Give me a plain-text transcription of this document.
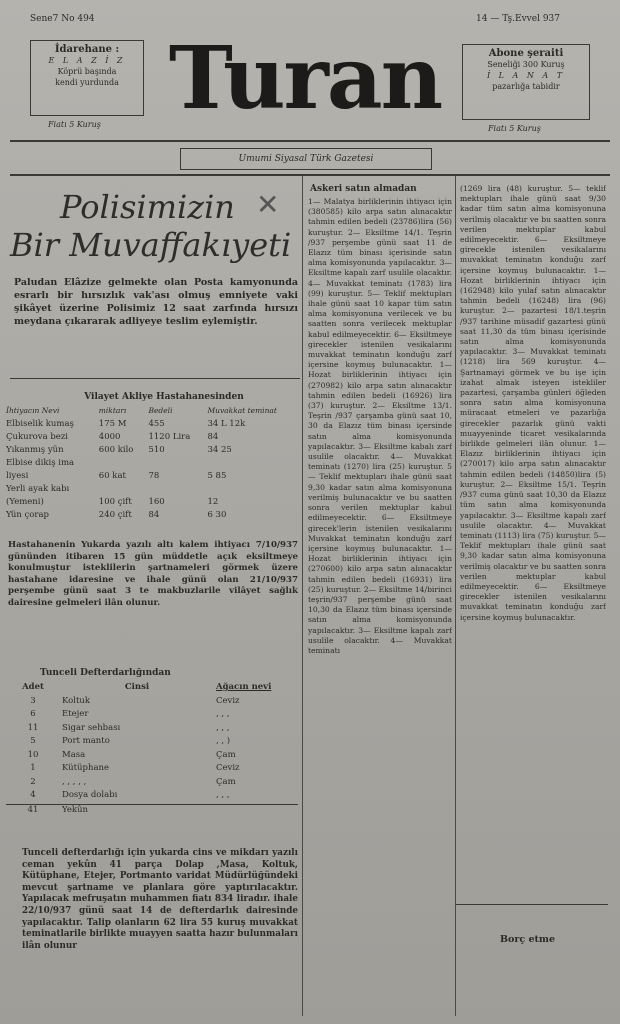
Sene7 No 494	14 — Tş.Evvel 937
İdarehane :
E L A Z İ Z
Köprü başında
kendi yurdunda
Fiatı 5 Kuruş Turan	Abone şeraiti
Seneliği 300 Kuruş
İ L A N A T
pazarlığa tabidir
Fiatı 5 Kuruş
Umumi Siyasal Türk Gazetesi
Polisimizin ✕
Bir Muvaffakıyeti
Paludan Elâzize gelmekte olan Posta kamyonunda esrarlı bir hırsızlık vak'ası olmuş emniyete vaki şikâyet üzerine Polisimiz 12 saat zarfında hırsızı meydana çıkararak adliyeye teslim eylemiştir.
Vilayet Akliye Hastahanesinden
İhtiyacın Nevi	miktarı	Bedeli	Muvakkat teminat
Elbiselik kumaş	175 M	455	34 L 12k
Çukurova bezi	4000	1120 Lira	84
Yıkanmış yün	600 kilo	510	34 25
Elbise dikiş ima			
liyesi	60 kat	78	5 85
Yerli ayak kabı			
(Yemeni)	100 çift	160	12
Yün çorap	240 çift	84	6 30
Hastahanenin Yukarda yazılı altı kalem ihtiyacı 7/10/937 gününden itibaren 15 gün müddetle açık eksiltmeye konulmuştur isteklilerin şartnameleri görmek üzere hastahane idaresine ve ihale günü olan 21/10/937 perşembe günü saat 3 te makbuzlarile vilâyet sağlık dairesine gelmeleri ilân olunur.
Tunceli Defterdarlığından
Adet	Cinsi	Ağacın nevi
3	Koltuk	Ceviz
6	Etejer	, , ,
11	Sigar sehbası	, , ,
5	Port manto	, , )
10	Masa	Çam
1	Kütüphane	Ceviz
2	, , , , ,	Çam
4	Dosya dolabı	, , ,
41	Yekûn	
Tunceli defterdarlığı için yukarda cins ve mikdarı yazılı ceman yekûn 41 parça Dolap ,Masa, Koltuk, Kütüphane, Etejer, Portmanto varidat Müdürlüğündeki mevcut şartname ve planlara göre yaptırılacaktır. Yapılacak mefruşatın muhammen fiatı 834 liradır. ihale 22/10/937 günü saat 14 de defterdarlık dairesinde yapılacaktır. Talip olanların 62 lira 55 kuruş muvakkat teminatlarile birlikte muayyen saatta hazır bulunmaları ilân olunur
Askeri satın almadan
1— Malatya birliklerinin ihtiyacı için (380585) kilo arpa satın alınacaktır tahmin edilen bedeli (23786)lira (56) kuruştur. 2— Eksiltme 14/1. Teşrin /937 perşembe günü saat 11 de Elazız tüm binası içerisinde satın alma komisyonunda yapılacaktır. 3— Eksiltme kapalı zarf usulile olacaktır. 4— Muvakkat teminatı (1783) lira (99) kuruştur. 5— Teklif mektupları ihale günü saat 10 kapar tüm satın alma komisyonuna verilecek ve bu saatten sonra verilecek mektuplar kabul edilmeyecektir. 6— Eksiltmeye girecekler istenilen vesikalarını muvakkat teminatın konduğu zarf içersine koymuş bulunacaktır. 1— Hozat birliklerinin ihtiyacı için (270982) kilo arpa satın alınacaktır tahmin edilen bedeli (16926) lira (37) kuruştur. 2— Eksiltme 13/1. Teşrin /937 çarşamba günü saat 10, 30 da Elazız tüm binası içersinde satın alma komisyonunda yapılacaktır. 3— Eksiltme kabalı zarf usulile olacaktır. 4— Muvakkat teminatı (1270) lira (25) kuruştur. 5— Teklif mektupları ihale günü saat 9,30 kadar satın alma komisyonuna verilmiş bulunacaktır ve bu saatten sonra verilen mektuplar kabul edilmeyecektir. 6— Eksiltmeye girecek'lerin istenilen vesikalarını Muvakkat teminatın konduğu zarf içersine koymuş bulunacaktır. 1— Hozat birliklerinin ihtiyacı için (270600) kilo arpa satın alınacaktır tahmin edilen bedeli (16931) lira (25) kuruştur. 2— Eksiltme 14/birinci teşrin/937 perşembe günü saat 10,30 da Elazız tüm binası içersinde satın alma komisyonunda yapılacaktır. 3— Eksiltme kapalı zarf usulile olacaktır. 4— Muvakkat teminatı
(1269 lira (48) kuruştur. 5— teklif mektupları ihale günü saat 9/30 kadar tüm satın alma komisyonuna verilmiş olacaktır ve bu saatten sonra verilen mektuplar kabul edilmeyecektir. 6— Eksiltmeye girecekle istenilen vesikalarını muvakkat teminatın konduğu zarf içersine koymuş bulunacaktır. 1— Hozat birliklerinin ihtiyacı için (162948) kilo yulaf satın alınacaktır tahmin bedeli (16248) lira (96) kuruştur. 2— pazartesi 18/1.teşrin /937 tarihine müsadif gazartesi günü saat 11,30 da tüm binası içerisinde satın alma komisyonunda yapılacaktır. 3— Muvakkat teminatı (1218) lira 569 kuruştur. 4— Şartnamayi görmek ve bu işe için izahat almak isteyen istekliler pazartesi, çarşamba günleri öğleden sonra satın alma komisyonuna müracaat etmeleri ve pazarlığa girecekler pazarlık günü vakti muayyeninde ticaret vesikalarında birlikde gelmeleri ilân olunur. 1— Elazız birliklerinin ihtiyacı için (270017) kilo arpa satın alınacaktır tahmin edilen bedeli (14850)lira (5) kuruştur. 2— Eksiltme 15/1. Teşrin /937 cuma günü saat 10,30 da Elazız tüm satın alma komisyonunda yapılacaktır. 3— Eksiltme kapalı zarf usulile olacaktır. 4— Muvakkat teminatı (1113) lira (75) kuruştur. 5— Teklif mektupları ihale günü saat 9,30 kadar satın alma komisyonuna verilmiş olacaktır ve bu saatten sonra verilen mektuplar kabul edilmeyecektir. 6— Eksiltmeye girecekler istenilen vesikalarını muvakkat teminatın konduğu zarf içersine koymuş bulunacaktır.
Borç etme
